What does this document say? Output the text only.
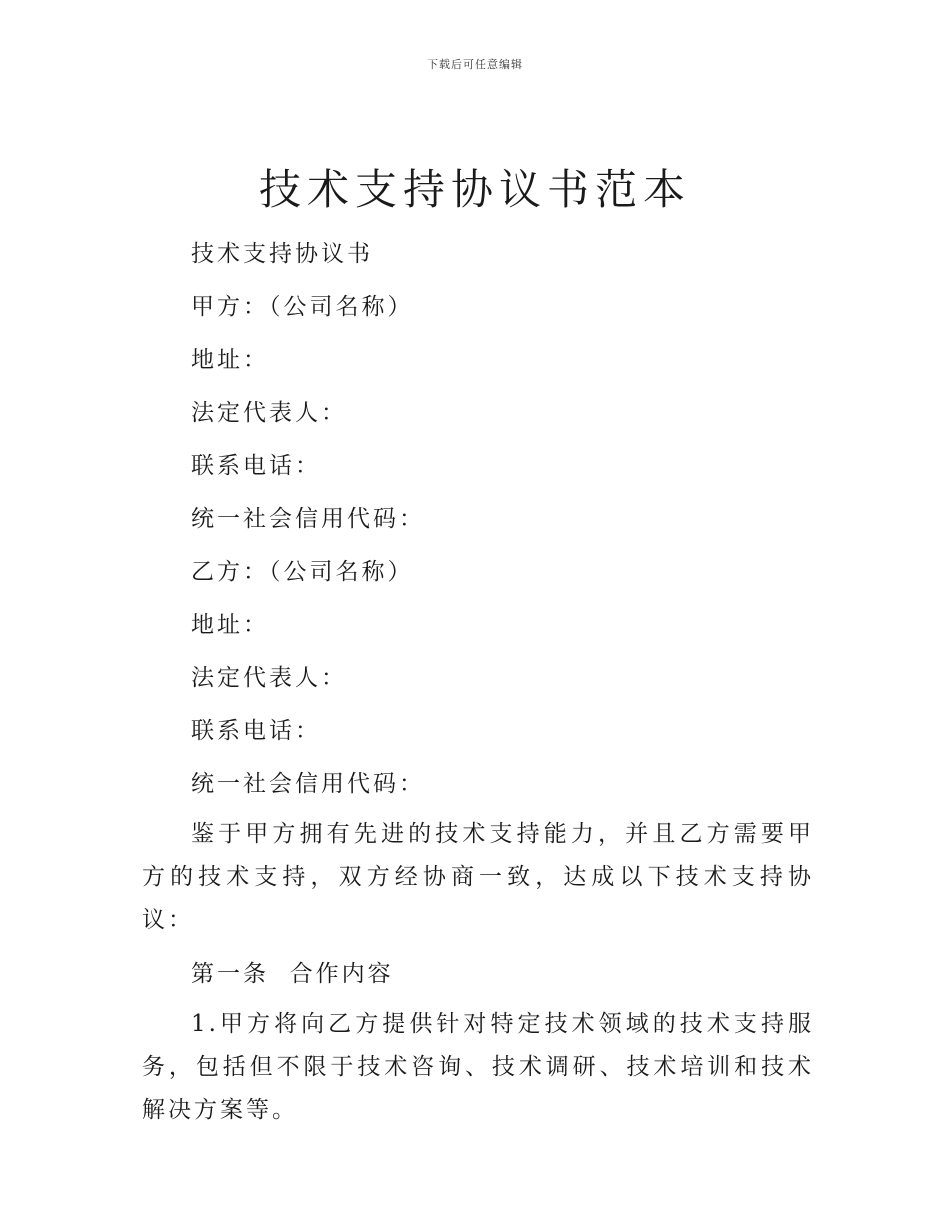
下载后可任意编辑
技术支持协议书范本
技术支持协议书
甲方：（公司名称）
地址：
法定代表人：
联系电话：
统一社会信用代码：
乙方：（公司名称）
地址：
法定代表人：
联系电话：
统一社会信用代码：
鉴于甲方拥有先进的技术支持能力，并且乙方需要甲方的技术支持，双方经协商一致，达成以下技术支持协议：
第一条  合作内容
1.甲方将向乙方提供针对特定技术领域的技术支持服务，包括但不限于技术咨询、技术调研、技术培训和技术解决方案等。
